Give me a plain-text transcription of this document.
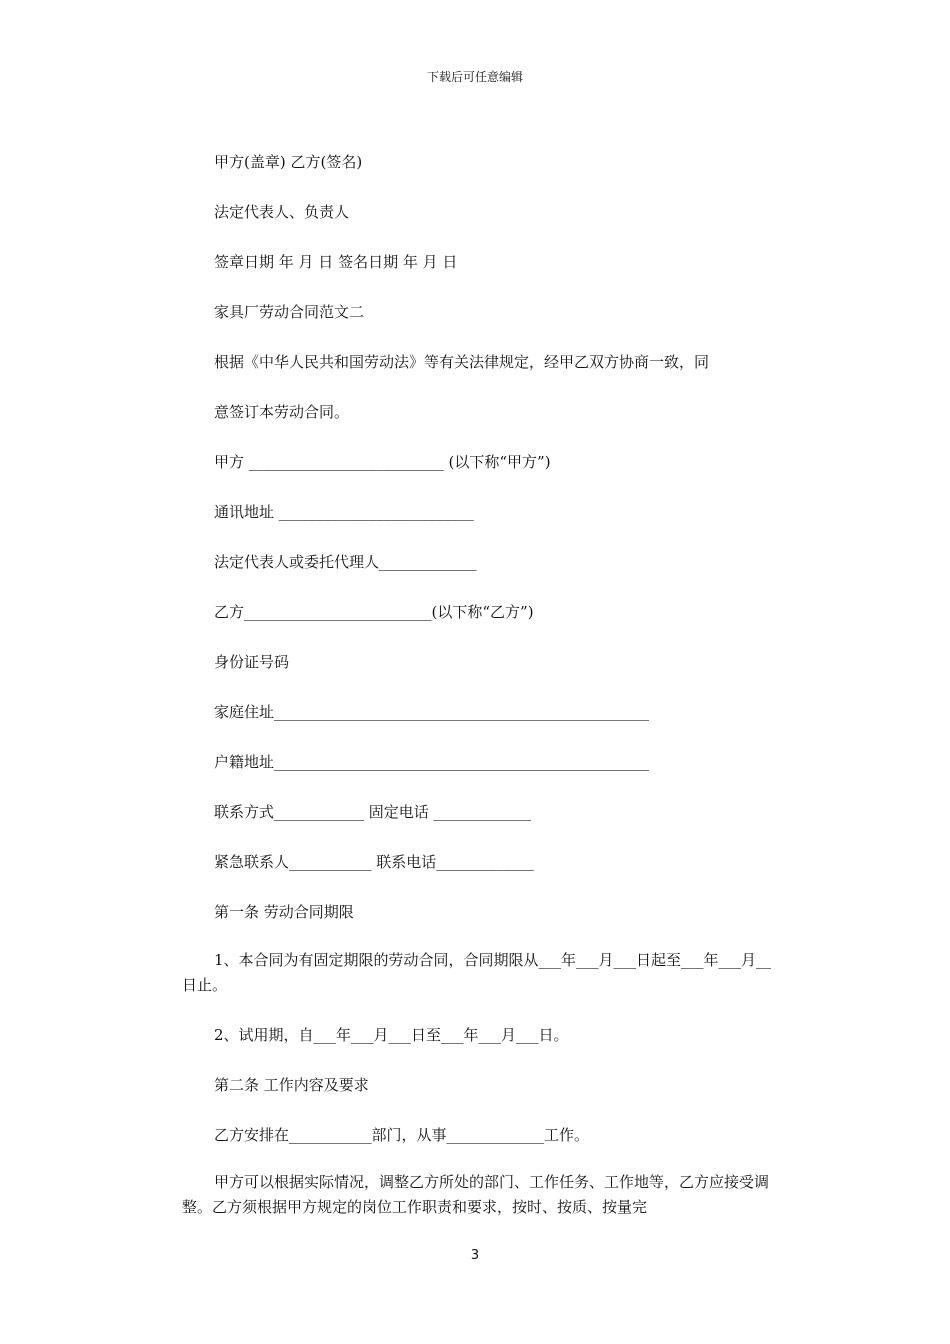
下载后可任意编辑
甲方(盖章) 乙方(签名)
法定代表人、负责人
签章日期 年 月 日 签名日期 年 月 日
家具厂劳动合同范文二
根据《中华人民共和国劳动法》等有关法律规定，经甲乙双方协商一致，同
意签订本劳动合同。
甲方 __________________________ (以下称“甲方”)
通讯地址 __________________________
法定代表人或委托代理人_____________
乙方_________________________(以下称“乙方”)
身份证号码
家庭住址__________________________________________________
户籍地址__________________________________________________
联系方式____________ 固定电话 _____________
紧急联系人___________ 联系电话_____________
第一条 劳动合同期限
1、本合同为有固定期限的劳动合同，合同期限从___年___月___日起至___年___月__日止。
2、试用期，自___年___月___日至___年___月___日。
第二条 工作内容及要求
乙方安排在___________部门，从事_____________工作。
甲方可以根据实际情况，调整乙方所处的部门、工作任务、工作地等，乙方应接受调整。乙方须根据甲方规定的岗位工作职责和要求，按时、按质、按量完
3
